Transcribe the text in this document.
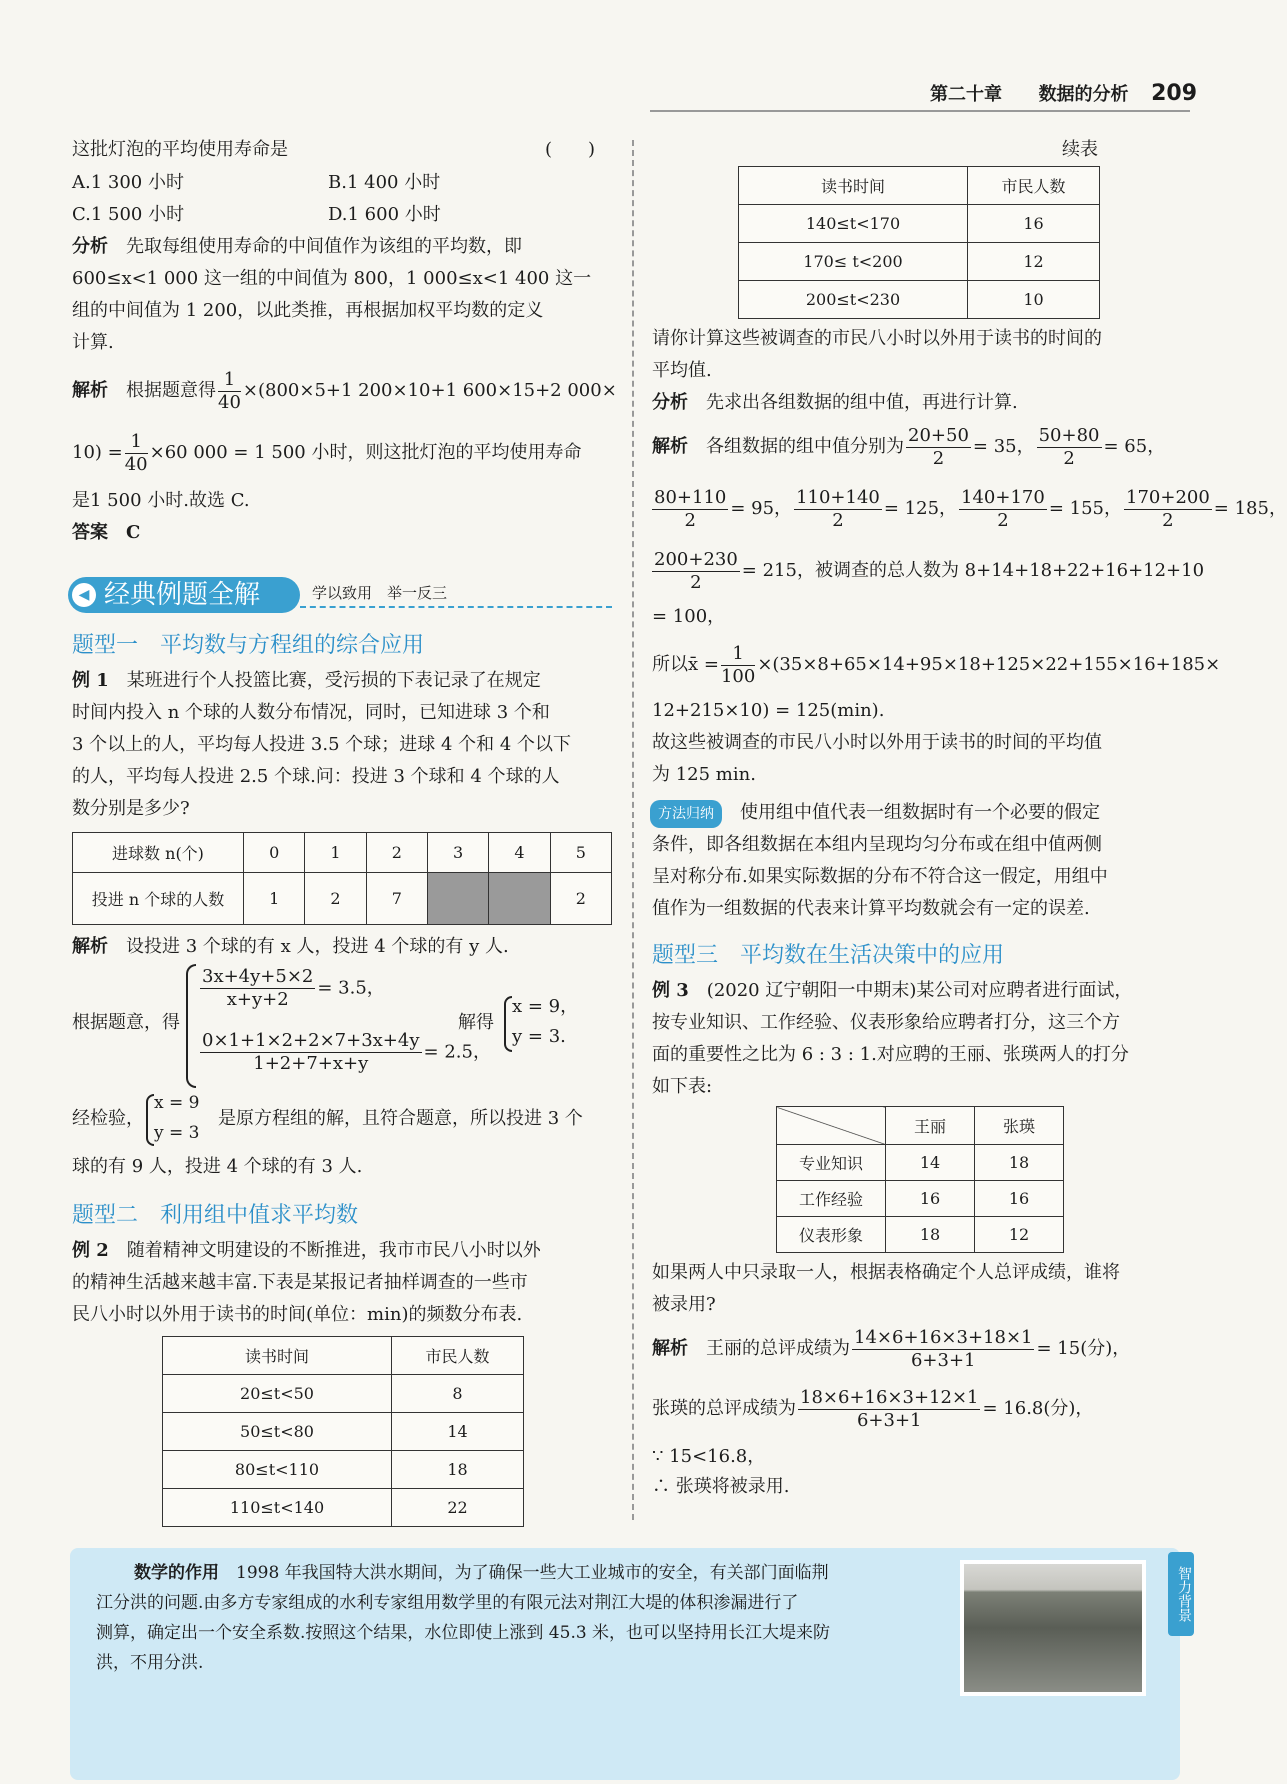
第二十章 数据的分析 209
这批灯泡的平均使用寿命是	(　　)
A.1 300 小时	B.1 400 小时
C.1 500 小时	D.1 600 小时
分析　 先取每组使用寿命的中间值作为该组的平均数，即
600≤x<1 000 这一组的中间值为 800，1 000≤x<1 400 这一
组的中间值为 1 200，以此类推，再根据加权平均数的定义
计算.
解析　 根据题意得 $\frac{1}{40} \times(800\times 5+1$ 200×10+1 600×15+2 000×
$10) = \frac{1}{40} \times 60$ 000 = 1 500 小时，则这批灯泡的平均使用寿命
是1 500 小时.故选 C.
答案　 C
经典例题全解
◀	学以致用　举一反三
题型一　平均数与方程组的综合应用
例 1　 某班进行个人投篮比赛，受污损的下表记录了在规定
时间内投入 n 个球的人数分布情况，同时，已知进球 3 个和
3 个以上的人，平均每人投进 3.5 个球；进球 4 个和 4 个以下
的人，平均每人投进 2.5 个球.问：投进 3 个球和 4 个球的人
数分别是多少?
进球数 n(个)	0	1	2	3	4	5
投进 n 个球的人数	1	2	7			2
解析　 设投进 3 个球的有 x 人，投进 4 个球的有 y 人.
根据题意，得
$\frac{3x+4y+5\times 2}{x+y+2} = 3.5$，
$\frac{0\times 1+1\times 2+2\times 7+3x+4y}{1+2+7+x+y} = 2.5$，
解得
x = 9，
y = 3.
经检验，
x = 9
y = 3
是原方程组的解，且符合题意，所以投进 3 个
球的有 9 人，投进 4 个球的有 3 人.
题型二　利用组中值求平均数
例 2　 随着精神文明建设的不断推进，我市市民八小时以外
的精神生活越来越丰富.下表是某报记者抽样调查的一些市
民八小时以外用于读书的时间(单位：min)的频数分布表.
读书时间	市民人数
20≤t<50	8
50≤t<80	14
80≤t<110	18
110≤t<140	22
续表
读书时间	市民人数
140≤t<170	16
170≤ t<200	12
200≤t<230	10
请你计算这些被调查的市民八小时以外用于读书的时间的
平均值.
分析　 先求出各组数据的组中值，再进行计算.
解析　 各组数据的组中值分别为 $\frac{20+50}{2} = 35$， $\frac{50+80}{2} = 65$，
$\frac{80+110}{2} = 95$， $\frac{110+140}{2} = 125$， $\frac{140+170}{2} = 155$， $\frac{170+200}{2} = 185$，
$\frac{200+230}{2} = 215$，被调查的总人数为 8+14+18+22+16+12+10
= 100，
所以x̄ = $\frac{1}{100} \times(35\times 8+65\times 14+95\times 18+125\times 22+155\times 16+185\times$
12+215×10) = 125(min).
故这些被调查的市民八小时以外用于读书的时间的平均值
为 125 min.
方法归纳　 使用组中值代表一组数据时有一个必要的假定
条件，即各组数据在本组内呈现均匀分布或在组中值两侧
呈对称分布.如果实际数据的分布不符合这一假定，用组中
值作为一组数据的代表来计算平均数就会有一定的误差.
题型三　平均数在生活决策中的应用
例 3　 (2020 辽宁朝阳一中期末)某公司对应聘者进行面试，
按专业知识、工作经验、仪表形象给应聘者打分，这三个方
面的重要性之比为 6 : 3 : 1.对应聘的王丽、张瑛两人的打分
如下表:
	王丽	张瑛
专业知识	14	18
工作经验	16	16
仪表形象	18	12
如果两人中只录取一人，根据表格确定个人总评成绩，谁将
被录用?
解析　 王丽的总评成绩为 $\frac{14\times 6+16\times 3+18\times 1}{6+3+1} = 15$(分)，
张瑛的总评成绩为 $\frac{18\times 6+16\times 3+12\times 1}{6+3+1} = 16.8$(分)，
∵ 15<16.8，
∴ 张瑛将被录用.
智力背景
数学的作用　 1998 年我国特大洪水期间，为了确保一些大工业城市的安全，有关部门面临荆
江分洪的问题.由多方专家组成的水利专家组用数学里的有限元法对荆江大堤的体积渗漏进行了
测算，确定出一个安全系数.按照这个结果，水位即使上涨到 45.3 米，也可以坚持用长江大堤来防
洪，不用分洪.
